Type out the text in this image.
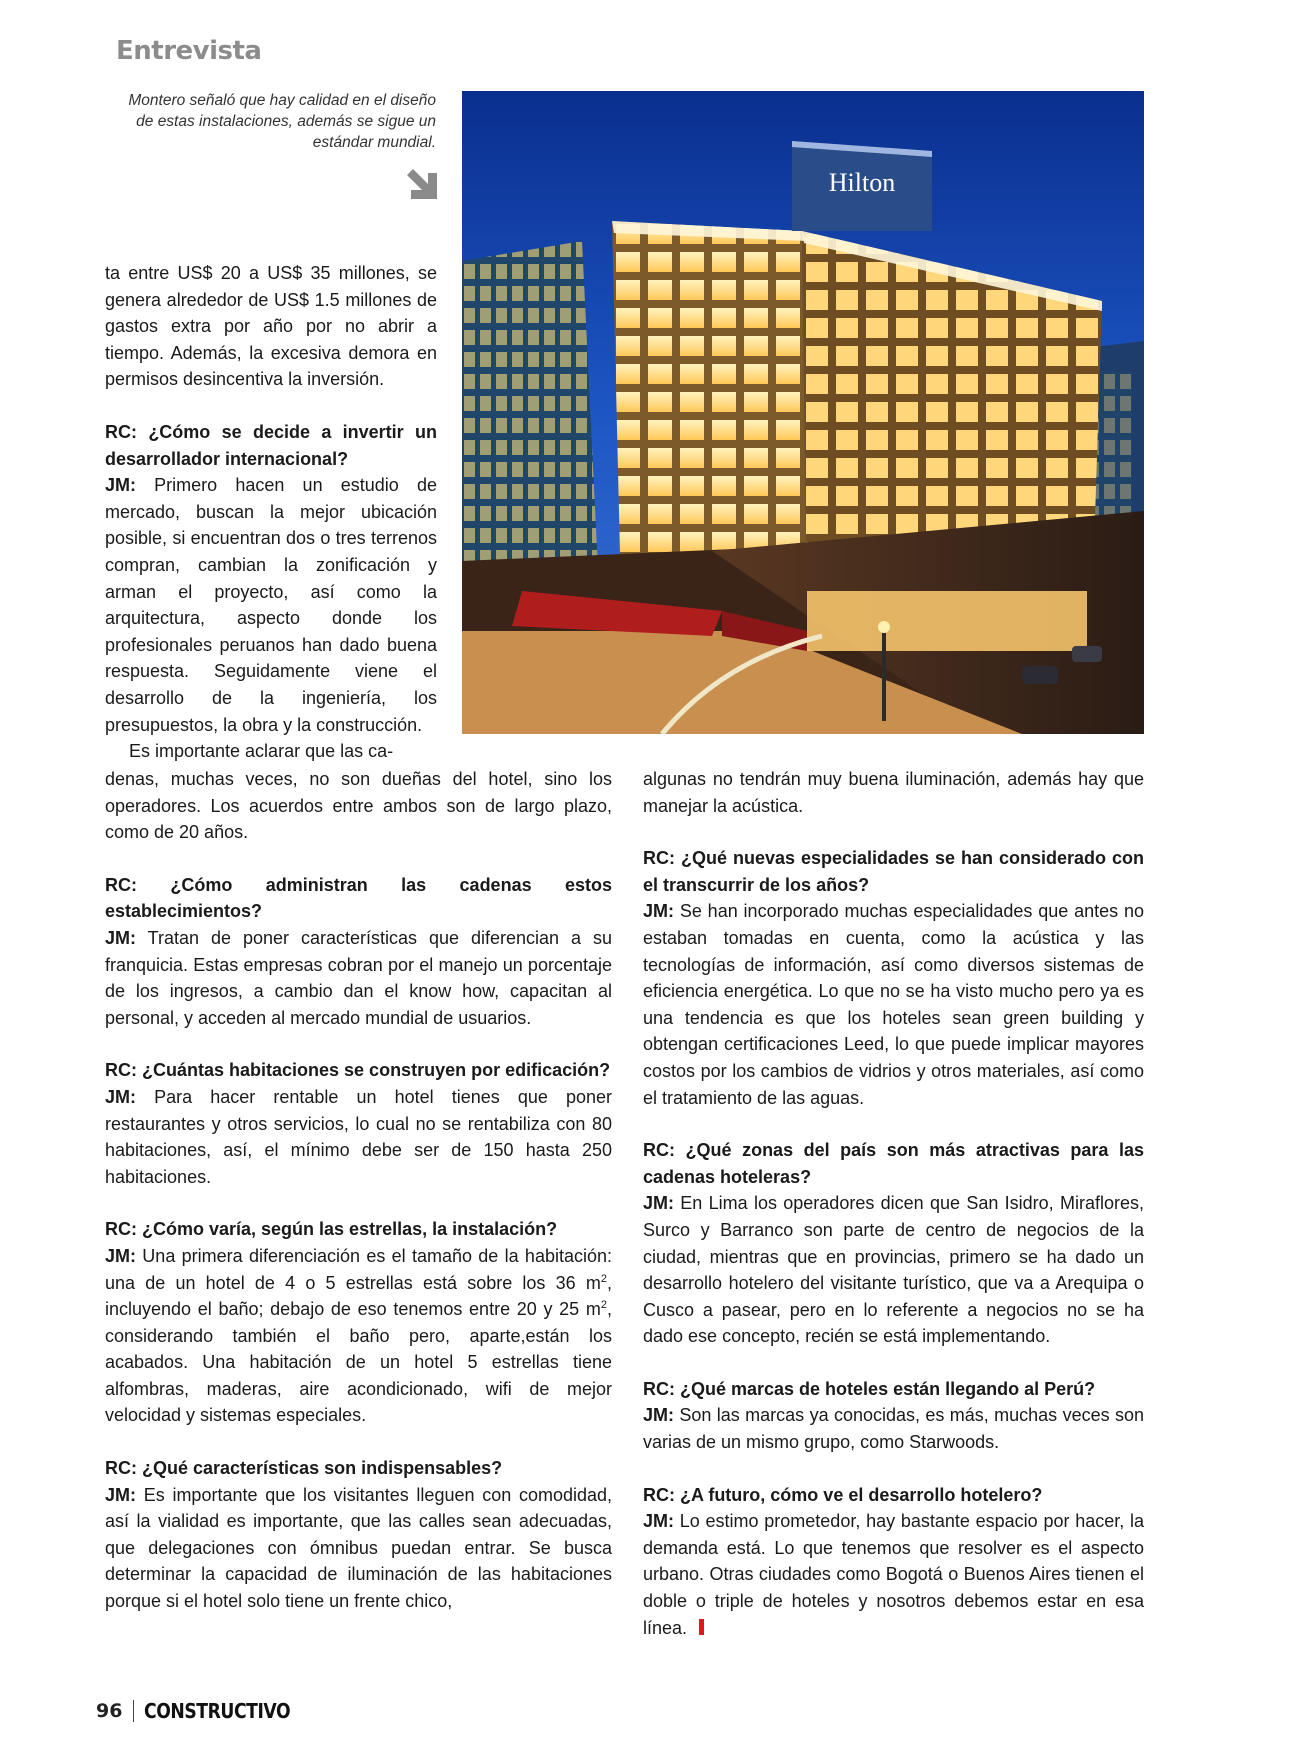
Entrevista
Montero señaló que hay calidad en el diseño de estas instalaciones, además se sigue un estándar mundial.
Hilton

ta entre US$ 20 a US$ 35 millones, se genera alrededor de US$ 1.5 millones de gastos extra por año por no abrir a tiempo. Además, la excesiva demora en permisos desincentiva la inversión.

RC: ¿Cómo se decide a invertir un desarrollador internacional?

JM: Primero hacen un estudio de mercado, buscan la mejor ubicación posible, si encuentran dos o tres terrenos compran, cambian la zonificación y arman el proyecto, así como la arquitectura, aspecto donde los profesionales peruanos han dado buena respuesta. Seguidamente viene el desarrollo de la ingeniería, los presupuestos, la obra y la construcción.

Es importante aclarar que las ca-

denas, muchas veces, no son dueñas del hotel, sino los operadores. Los acuerdos entre ambos son de largo plazo, como de 20 años.

RC: ¿Cómo administran las cadenas estos establecimientos?

JM: Tratan de poner características que diferencian a su franquicia. Estas empresas cobran por el manejo un porcentaje de los ingresos, a cambio dan el know how, capacitan al personal, y acceden al mercado mundial de usuarios.

RC: ¿Cuántas habitaciones se construyen por edificación?

JM: Para hacer rentable un hotel tienes que poner restaurantes y otros servicios, lo cual no se rentabiliza con 80 habitaciones, así, el mínimo debe ser de 150 hasta 250 habitaciones.

RC: ¿Cómo varía, según las estrellas, la instalación?

JM: Una primera diferenciación es el tamaño de la habitación: una de un hotel de 4 o 5 estrellas está sobre los 36 $m^2$, incluyendo el baño; debajo de eso tenemos entre 20 y 25 $m^2$, considerando también el baño pero, aparte,están los acabados. Una habitación de un hotel 5 estrellas tiene alfombras, maderas, aire acondicionado, wifi de mejor velocidad y sistemas especiales.

RC: ¿Qué características son indispensables?

JM: Es importante que los visitantes lleguen con comodidad, así la vialidad es importante, que las calles sean adecuadas, que delegaciones con ómnibus puedan entrar. Se busca determinar la capacidad de iluminación de las habitaciones porque si el hotel solo tiene un frente chico,

algunas no tendrán muy buena iluminación, además hay que manejar la acústica.

RC: ¿Qué nuevas especialidades se han considerado con el transcurrir de los años?

JM: Se han incorporado muchas especialidades que antes no estaban tomadas en cuenta, como la acústica y las tecnologías de información, así como diversos sistemas de eficiencia energética. Lo que no se ha visto mucho pero ya es una tendencia es que los hoteles sean green building y obtengan certificaciones Leed, lo que puede implicar mayores costos por los cambios de vidrios y otros materiales, así como el tratamiento de las aguas.

RC: ¿Qué zonas del país son más atractivas para las cadenas hoteleras?

JM: En Lima los operadores dicen que San Isidro, Miraflores, Surco y Barranco son parte de centro de negocios de la ciudad, mientras que en provincias, primero se ha dado un desarrollo hotelero del visitante turístico, que va a Arequipa o Cusco a pasear, pero en lo referente a negocios no se ha dado ese concepto, recién se está implementando.

RC: ¿Qué marcas de hoteles están llegando al Perú?

JM: Son las marcas ya conocidas, es más, muchas veces son varias de un mismo grupo, como Starwoods.

RC: ¿A futuro, cómo ve el desarrollo hotelero?

JM: Lo estimo prometedor, hay bastante espacio por hacer, la demanda está. Lo que tenemos que resolver es el aspecto urbano. Otras ciudades como Bogotá o Buenos Aires tienen el doble o triple de hoteles y nosotros debemos estar en esa línea.

96 CONSTRUCTIVO
